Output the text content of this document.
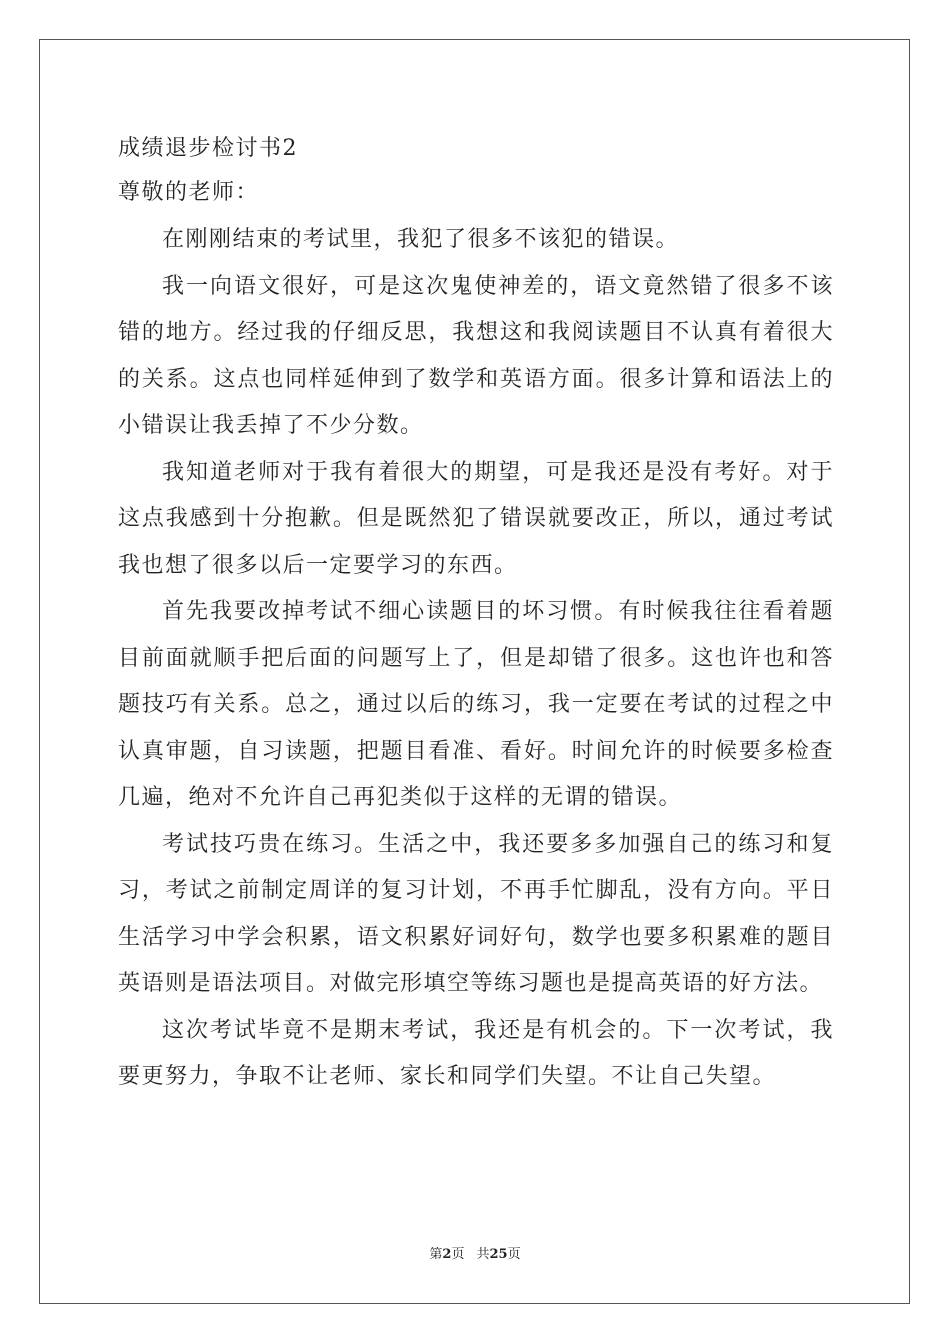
成绩退步检讨书2
尊敬的老师：

在刚刚结束的考试里，我犯了很多不该犯的错误。

我一向语文很好，可是这次鬼使神差的，语文竟然错了很多不该错的地方。经过我的仔细反思，我想这和我阅读题目不认真有着很大的关系。这点也同样延伸到了数学和英语方面。很多计算和语法上的小错误让我丢掉了不少分数。

我知道老师对于我有着很大的期望，可是我还是没有考好。对于这点我感到十分抱歉。但是既然犯了错误就要改正，所以，通过考试我也想了很多以后一定要学习的东西。

首先我要改掉考试不细心读题目的坏习惯。有时候我往往看着题目前面就顺手把后面的问题写上了，但是却错了很多。这也许也和答题技巧有关系。总之，通过以后的练习，我一定要在考试的过程之中认真审题，自习读题，把题目看准、看好。时间允许的时候要多检查几遍，绝对不允许自己再犯类似于这样的无谓的错误。

考试技巧贵在练习。生活之中，我还要多多加强自己的练习和复习，考试之前制定周详的复习计划，不再手忙脚乱，没有方向。平日生活学习中学会积累，语文积累好词好句，数学也要多积累难的题目英语则是语法项目。对做完形填空等练习题也是提高英语的好方法。

这次考试毕竟不是期末考试，我还是有机会的。下一次考试，我要更努力，争取不让老师、家长和同学们失望。不让自己失望。

第2页 共25页
